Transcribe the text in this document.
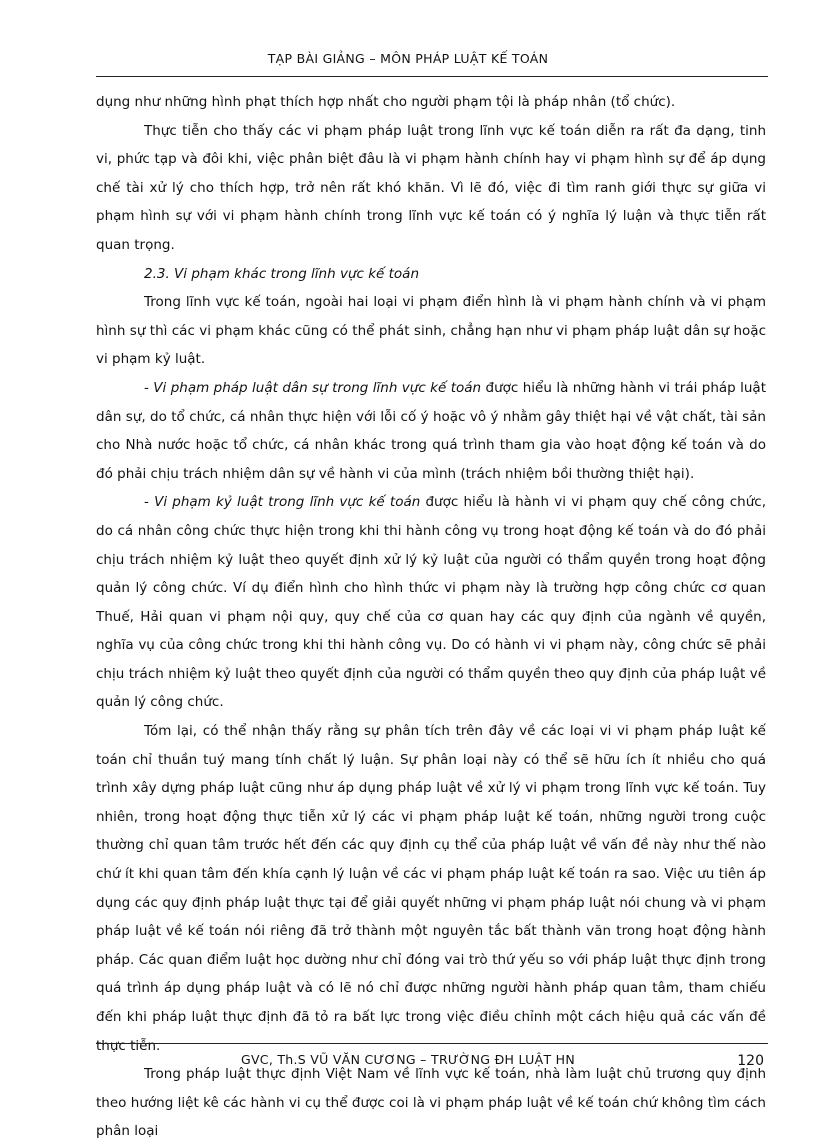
TẠP BÀI GIẢNG – MÔN PHÁP LUẬT KẾ TOÁN

dụng như những hình phạt thích hợp nhất cho người phạm tội là pháp nhân (tổ chức).

Thực tiễn cho thấy các vi phạm pháp luật trong lĩnh vực kế toán diễn ra rất đa dạng, tinh vi, phức tạp và đôi khi, việc phân biệt đâu là vi phạm hành chính hay vi phạm hình sự để áp dụng chế tài xử lý cho thích hợp, trở nên rất khó khăn. Vì lẽ đó, việc đi tìm ranh giới thực sự giữa vi phạm hình sự với vi phạm hành chính trong lĩnh vực kế toán có ý nghĩa lý luận và thực tiễn rất quan trọng.

2.3. Vi phạm khác trong lĩnh vực kế toán

Trong lĩnh vực kế toán, ngoài hai loại vi phạm điển hình là vi phạm hành chính và vi phạm hình sự thì các vi phạm khác cũng có thể phát sinh, chẳng hạn như vi phạm pháp luật dân sự hoặc vi phạm kỷ luật.

- Vi phạm pháp luật dân sự trong lĩnh vực kế toán được hiểu là những hành vi trái pháp luật dân sự, do tổ chức, cá nhân thực hiện với lỗi cố ý hoặc vô ý nhằm gây thiệt hại về vật chất, tài sản cho Nhà nước hoặc tổ chức, cá nhân khác trong quá trình tham gia vào hoạt động kế toán và do đó phải chịu trách nhiệm dân sự về hành vi của mình (trách nhiệm bồi thường thiệt hại).

- Vi phạm kỷ luật trong lĩnh vực kế toán được hiểu là hành vi vi phạm quy chế công chức, do cá nhân công chức thực hiện trong khi thi hành công vụ trong hoạt động kế toán và do đó phải chịu trách nhiệm kỷ luật theo quyết định xử lý kỷ luật của người có thẩm quyền trong hoạt động quản lý công chức. Ví dụ điển hình cho hình thức vi phạm này là trường hợp công chức cơ quan Thuế, Hải quan vi phạm nội quy, quy chế của cơ quan hay các quy định của ngành về quyền, nghĩa vụ của công chức trong khi thi hành công vụ. Do có hành vi vi phạm này, công chức sẽ phải chịu trách nhiệm kỷ luật theo quyết định của người có thẩm quyền theo quy định của pháp luật về quản lý công chức.

Tóm lại, có thể nhận thấy rằng sự phân tích trên đây về các loại vi vi phạm pháp luật kế toán chỉ thuần tuý mang tính chất lý luận. Sự phân loại này có thể sẽ hữu ích ít nhiều cho quá trình xây dựng pháp luật cũng như áp dụng pháp luật về xử lý vi phạm trong lĩnh vực kế toán. Tuy nhiên, trong hoạt động thực tiễn xử lý các vi phạm pháp luật kế toán, những người trong cuộc thường chỉ quan tâm trước hết đến các quy định cụ thể của pháp luật về vấn đề này như thế nào chứ ít khi quan tâm đến khía cạnh lý luận về các vi phạm pháp luật kế toán ra sao. Việc ưu tiên áp dụng các quy định pháp luật thực tại để giải quyết những vi phạm pháp luật nói chung và vi phạm pháp luật về kế toán nói riêng đã trở thành một nguyên tắc bất thành văn trong hoạt động hành pháp. Các quan điểm luật học dường như chỉ đóng vai trò thứ yếu so với pháp luật thực định trong quá trình áp dụng pháp luật và có lẽ nó chỉ được những người hành pháp quan tâm, tham chiếu đến khi pháp luật thực định đã tỏ ra bất lực trong việc điều chỉnh một cách hiệu quả các vấn đề thực tiễn.

Trong pháp luật thực định Việt Nam về lĩnh vực kế toán, nhà làm luật chủ trương quy định theo hướng liệt kê các hành vi cụ thể được coi là vi phạm pháp luật về kế toán chứ không tìm cách phân loại

GVC, Th.S VŨ VĂN CƯƠNG – TRƯỜNG ĐH LUẬT HN	120
